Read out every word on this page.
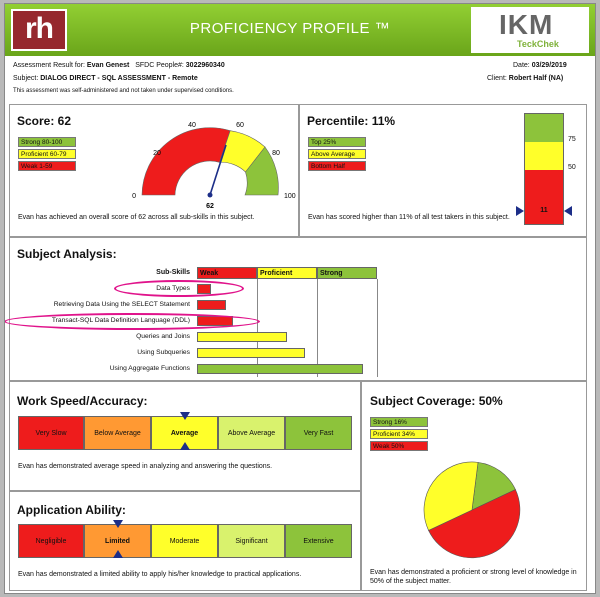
rh	PROFICIENCY PROFILE ™	IKM
TeckChek
Assessment Result for: Evan Genest SFDC People#: 3022960340	Date: 03/29/2019
Subject: DIALOG DIRECT - SQL ASSESSMENT - Remote	Client: Robert Half (NA)
This assessment was self-administered and not taken under supervised conditions.
Score: 62
Strong 80-100
Proficient 60-79
Weak 1-59
0
20
40	60
80
100
62
Evan has achieved an overall score of 62 across all sub-skills in this subject.
Percentile: 11%
Top 25%
Above Average
Bottom Half
75
50
11
Evan has scored higher than 11% of all test takers in this subject.
Subject Analysis:
Sub-Skills	Weak	Proficient	Strong
Data Types
Retrieving Data Using the SELECT Statement
Transact-SQL Data Definition Language (DDL)
Queries and Joins
Using Subqueries
Using Aggregate Functions
Work Speed/Accuracy:
Very Slow	Below Average	Average	Above Average	Very Fast
Evan has demonstrated average speed in analyzing and answering the questions.
Application Ability:
Negligible	Limited	Moderate	Significant	Extensive
Evan has demonstrated a limited ability to apply his/her knowledge to practical applications.
Subject Coverage: 50%
Strong 16%
Proficient 34%
Weak 50%
Evan has demonstrated a proficient or strong level of knowledge in 50% of the subject matter.
